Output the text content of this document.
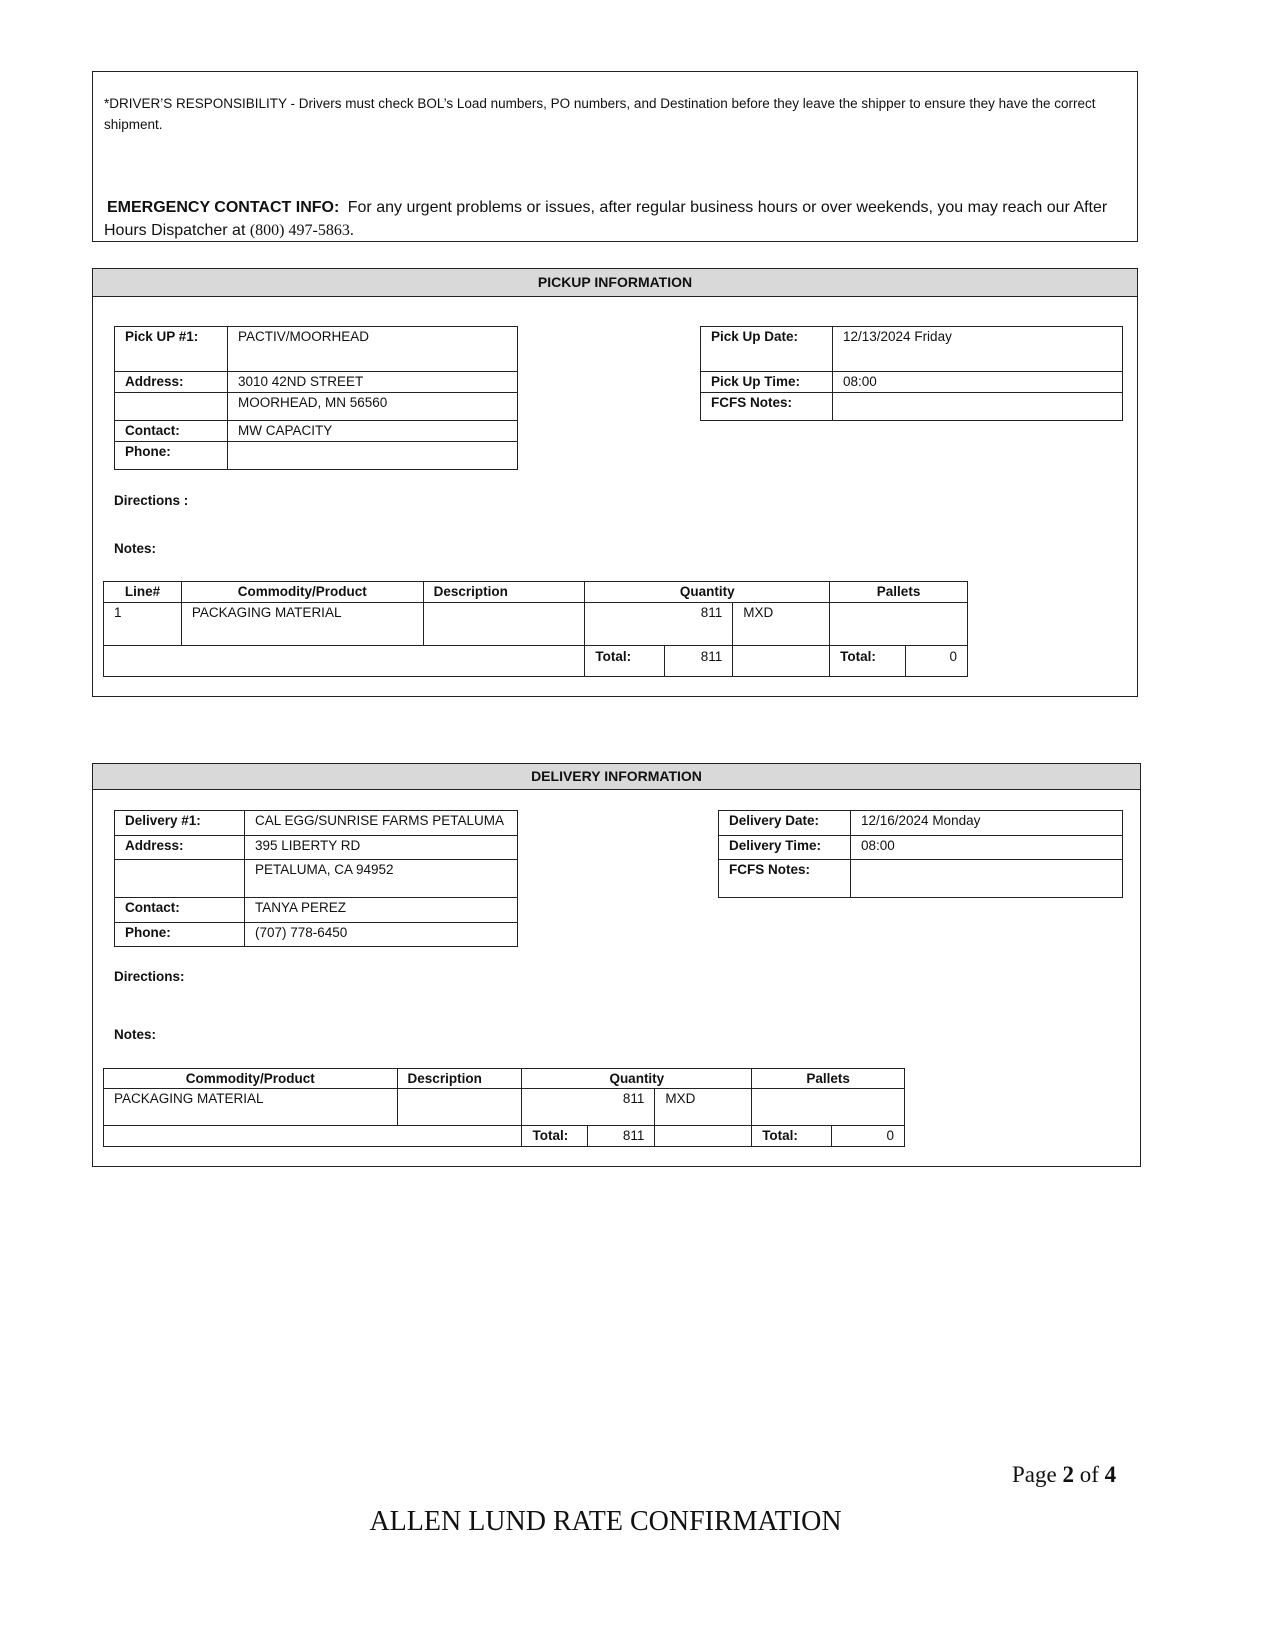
*DRIVER’S RESPONSIBILITY - Drivers must check BOL’s Load numbers, PO numbers, and Destination before they leave the shipper to ensure they have the correct shipment.
EMERGENCY CONTACT INFO: For any urgent problems or issues, after regular business hours or over weekends, you may reach our After Hours Dispatcher at (800) 497-5863.
PICKUP INFORMATION
Pick UP #1:	PACTIV/MOORHEAD
Address:	3010 42ND STREET
	MOORHEAD, MN 56560
Contact:	MW CAPACITY
Phone:	
Pick Up Date:	12/13/2024 Friday
Pick Up Time:	08:00
FCFS Notes:	
Directions :
Notes:
Line#	Commodity/Product	Description	Quantity			Pallets	
1	PACKAGING MATERIAL		811		MXD		
			Total:	811		Total:	0
DELIVERY INFORMATION
Delivery #1:	CAL EGG/SUNRISE FARMS PETALUMA
Address:	395 LIBERTY RD
	PETALUMA, CA 94952
Contact:	TANYA PEREZ
Phone:	(707) 778-6450
Delivery Date:	12/16/2024 Monday
Delivery Time:	08:00
FCFS Notes:	
Directions:
Notes:
Commodity/Product	Description	Quantity			Pallets	
PACKAGING MATERIAL		811		MXD		
		Total:	811		Total:	0
Page 2 of 4
ALLEN LUND RATE CONFIRMATION
